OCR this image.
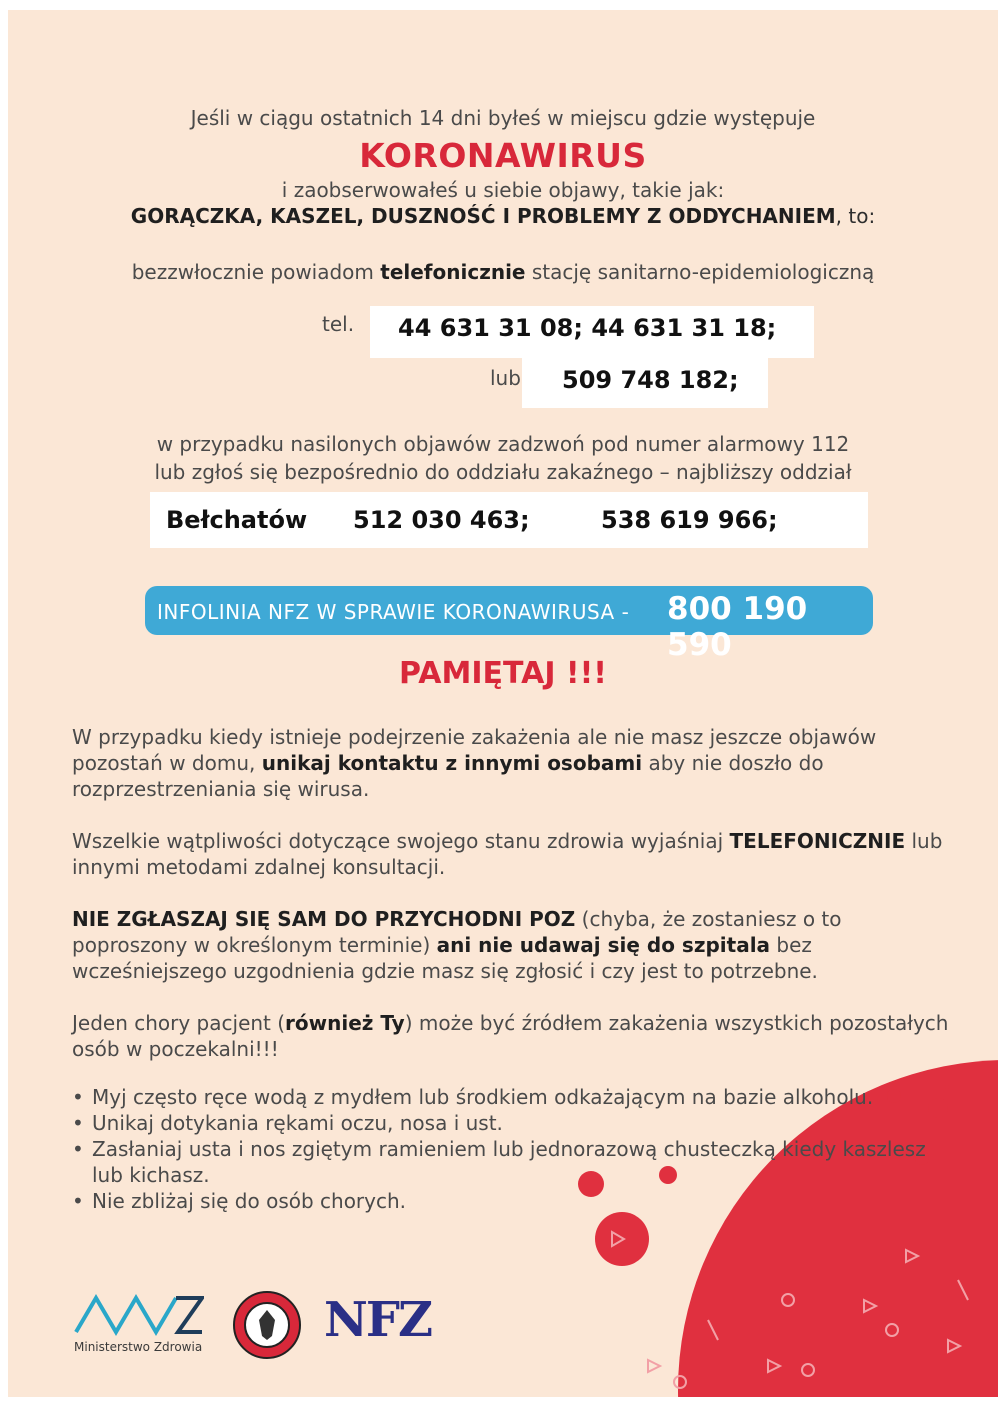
Jeśli w ciągu ostatnich 14 dni byłeś w miejscu gdzie występuje
KORONAWIRUS
i zaobserwowałeś u siebie objawy, takie jak:
GORĄCZKA, KASZEL, DUSZNOŚĆ I PROBLEMY Z ODDYCHANIEM, to:
bezzwłocznie powiadom telefonicznie stację sanitarno-epidemiologiczną
tel.	44 631 31 08; 44 631 31 18;
lub 509 748 182;
w przypadku nasilonych objawów zadzwoń pod numer alarmowy 112
lub zgłoś się bezpośrednio do oddziału zakaźnego – najbliższy oddział
Bełchatów 512 030 463;	538 619 966;
INFOLINIA NFZ W SPRAWIE KORONAWIRUSA - 800 190 590
PAMIĘTAJ !!!

W przypadku kiedy istnieje podejrzenie zakażenia ale nie masz jeszcze objawów pozostań w domu, unikaj kontaktu z innymi osobami aby nie doszło do rozprzestrzeniania się wirusa.

Wszelkie wątpliwości dotyczące swojego stanu zdrowia wyjaśniaj TELEFONICZNIE lub innymi metodami zdalnej konsultacji.

NIE ZGŁASZAJ SIĘ SAM DO PRZYCHODNI POZ (chyba, że zostaniesz o to poproszony w określonym terminie) ani nie udawaj się do szpitala bez wcześniejszego uzgodnienia gdzie masz się zgłosić i czy jest to potrzebne.

Jeden chory pacjent (również Ty) może być źródłem zakażenia wszystkich pozostałych osób w poczekalni!!!

• Myj często ręce wodą z mydłem lub środkiem odkażającym na bazie alkoholu.
• Unikaj dotykania rękami oczu, nosa i ust.
• Zasłaniaj usta i nos zgiętym ramieniem lub jednorazową chusteczką kiedy kaszlesz lub kichasz.
• Nie zbliżaj się do osób chorych.
Ministerstwo Zdrowia	NFZ
